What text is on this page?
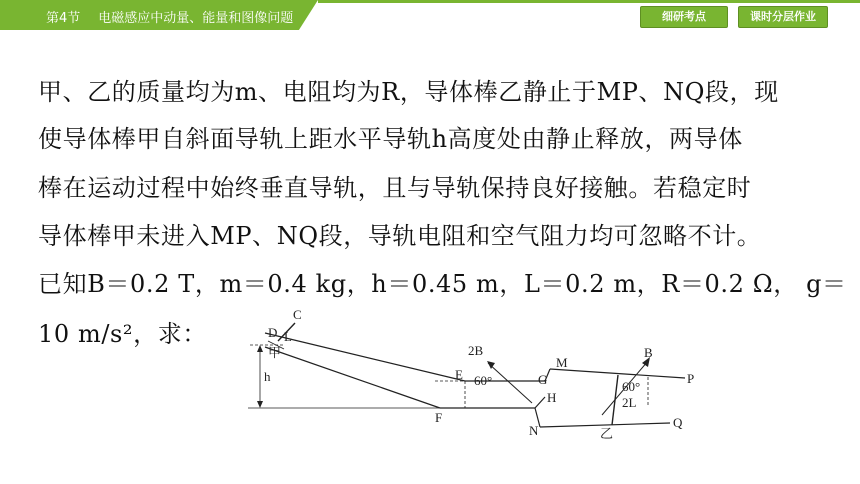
第4节 电磁感应中动量、能量和图像问题	细研考点	课时分层作业
甲、乙的质量均为m、电阻均为R，导体棒乙静止于MP、NQ段，现
使导体棒甲自斜面导轨上距水平导轨h高度处由静止释放，两导体
棒在运动过程中始终垂直导轨，且与导轨保持良好接触。若稳定时
导体棒甲未进入MP、NQ段，导轨电阻和空气阻力均可忽略不计。
已知B＝0.2 T，m＝0.4 kg，h＝0.45 m，L＝0.2 m，R＝0.2 Ω， g＝
10 m/s²，求：
C
D L
甲
h	E
F
2B
60°	G
M
H
N
B
60°
2L
乙
P
Q
